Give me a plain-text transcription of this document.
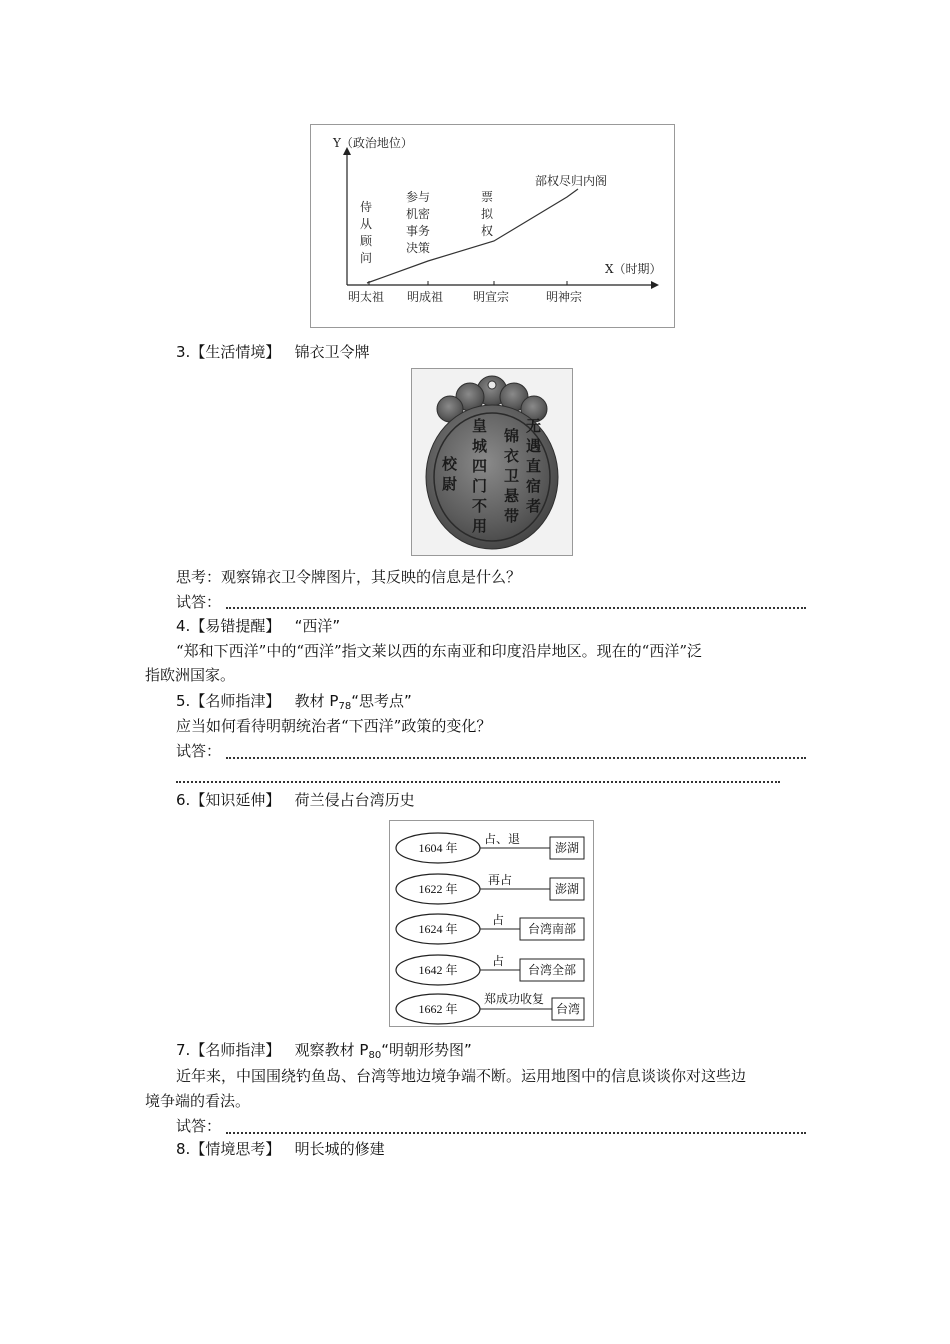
Y（政治地位）
X（时期）
明太祖 明成祖 明宣宗	明神宗
侍
从
顾
问
参与
机密
事务
决策
票
拟
权
部权尽归内阁
3.【生活情境】 锦衣卫令牌
无
遇
直
宿
者
锦
衣
卫
悬
带
皇
城
四
门
不
用
校
尉
思考：观察锦衣卫令牌图片，其反映的信息是什么？
试答：
4.【易错提醒】 “西洋”
“郑和下西洋”中的“西洋”指文莱以西的东南亚和印度沿岸地区。现在的“西洋”泛
指欧洲国家。
5.【名师指津】 教材 $P_{78}“$思考点”
应当如何看待明朝统治者“下西洋”政策的变化？
试答：
6.【知识延伸】 荷兰侵占台湾历史
1604 年
占、退
澎湖
1622 年
再占
澎湖
1624 年
占
台湾南部
1642 年
占
台湾全部
1662 年
郑成功收复
台湾
7.【名师指津】 观察教材 $P_{80}“$明朝形势图”
近年来，中国围绕钓鱼岛、台湾等地边境争端不断。运用地图中的信息谈谈你对这些边
境争端的看法。
试答：
8.【情境思考】 明长城的修建
